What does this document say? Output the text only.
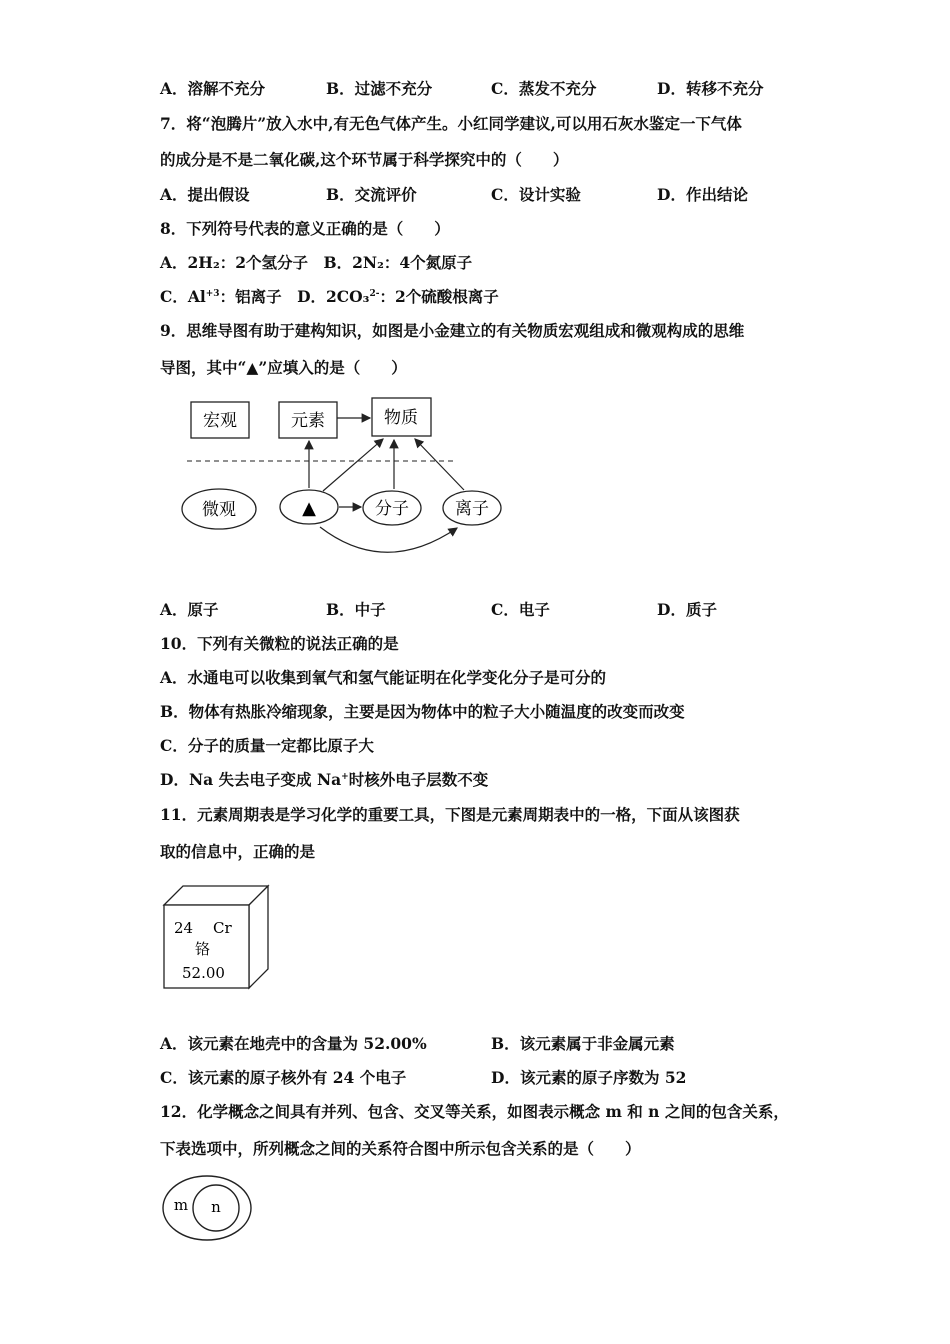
A．溶解不充分	B．过滤不充分	C．蒸发不充分	D．转移不充分
7．将“泡腾片”放入水中,有无色气体产生。小红同学建议,可以用石灰水鉴定一下气体
的成分是不是二氧化碳,这个环节属于科学探究中的（　　）
A．提出假设	B．交流评价	C．设计实验	D．作出结论
8．下列符号代表的意义正确的是（　　）
A．2H₂：2个氢分子　B．2N₂：4个氮原子
C．$Al^{+3}$：铝离子　D．2CO₃$^{2-}$：2个硫酸根离子
9．思维导图有助于建构知识，如图是小金建立的有关物质宏观组成和微观构成的思维
导图，其中“▲”应填入的是（　　）
宏观	元素	物质
微观	▲	分子	离子
A．原子	B．中子	C．电子	D．质子
10．下列有关微粒的说法正确的是
A．水通电可以收集到氧气和氢气能证明在化学变化分子是可分的
B．物体有热胀冷缩现象，主要是因为物体中的粒子大小随温度的改变而改变
C．分子的质量一定都比原子大
D．Na 失去电子变成 Na+时核外电子层数不变
11．元素周期表是学习化学的重要工具，下图是元素周期表中的一格，下面从该图获
取的信息中，正确的是
24 Cr
铬
52.00
A．该元素在地壳中的含量为 52.00%	B．该元素属于非金属元素
C．该元素的原子核外有 24 个电子	D．该元素的原子序数为 52
12．化学概念之间具有并列、包含、交叉等关系，如图表示概念 m 和 n 之间的包含关系，
下表选项中，所列概念之间的关系符合图中所示包含关系的是（　　）
m n
